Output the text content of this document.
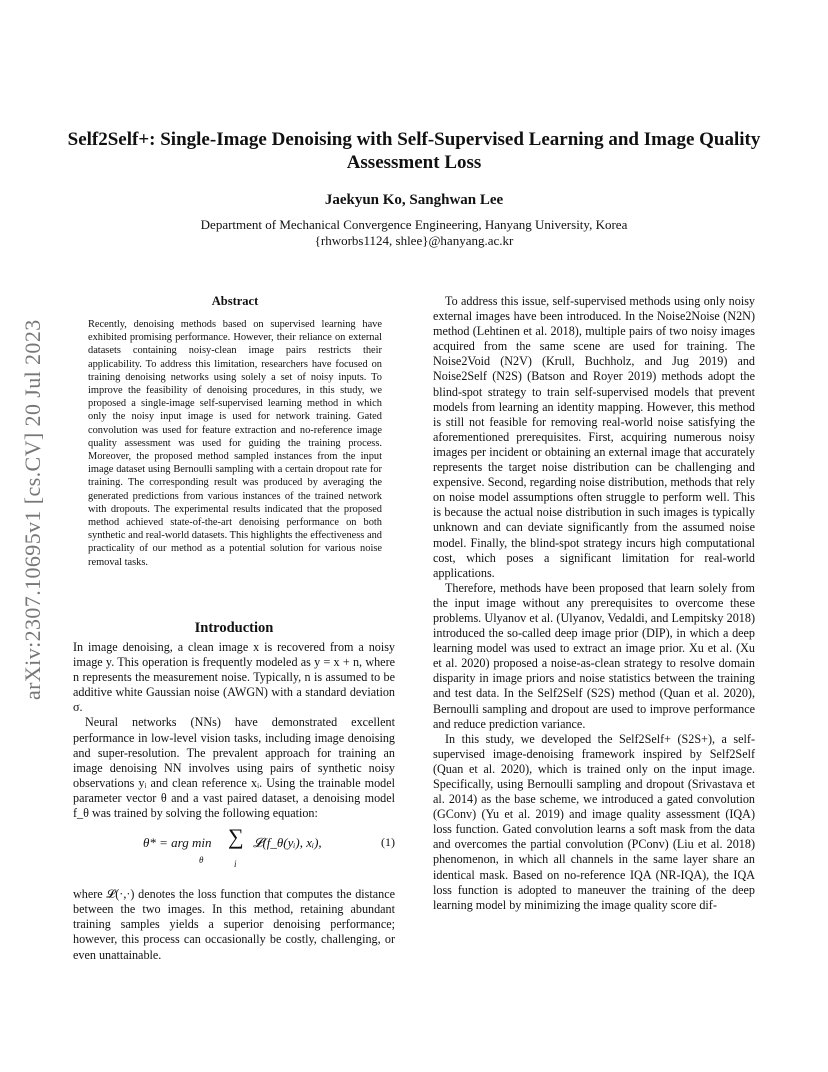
arXiv:2307.10695v1 [cs.CV] 20 Jul 2023
Self2Self+: Single-Image Denoising with Self-Supervised Learning and Image Quality Assessment Loss
Jaekyun Ko, Sanghwan Lee
Department of Mechanical Convergence Engineering, Hanyang University, Korea
{rhworbs1124, shlee}@hanyang.ac.kr
Abstract

Recently, denoising methods based on supervised learning have exhibited promising performance. However, their reliance on external datasets containing noisy-clean image pairs restricts their applicability. To address this limitation, researchers have focused on training denoising networks using solely a set of noisy inputs. To improve the feasibility of denoising procedures, in this study, we proposed a single-image self-supervised learning method in which only the noisy input image is used for network training. Gated convolution was used for feature extraction and no-reference image quality assessment was used for guiding the training process. Moreover, the proposed method sampled instances from the input image dataset using Bernoulli sampling with a certain dropout rate for training. The corresponding result was produced by averaging the generated predictions from various instances of the trained network with dropouts. The experimental results indicated that the proposed method achieved state-of-the-art denoising performance on both synthetic and real-world datasets. This highlights the effectiveness and practicality of our method as a potential solution for various noise removal tasks.

Introduction

In image denoising, a clean image x is recovered from a noisy image y. This operation is frequently modeled as y = x + n, where n represents the measurement noise. Typically, n is assumed to be additive white Gaussian noise (AWGN) with a standard deviation σ.

Neural networks (NNs) have demonstrated excellent performance in low-level vision tasks, including image denoising and super-resolution. The prevalent approach for training an image denoising NN involves using pairs of synthetic noisy observations yᵢ and clean reference xᵢ. Using the trainable model parameter vector θ and a vast paired dataset, a denoising model f_θ was trained by solving the following equation:

θ* = arg min
θ
∑
i
𝓛(f_θ(yᵢ), xᵢ),	(1)

where 𝓛(·,·) denotes the loss function that computes the distance between the two images. In this method, retaining abundant training samples yields a superior denoising performance; however, this process can occasionally be costly, challenging, or even unattainable.

To address this issue, self-supervised methods using only noisy external images have been introduced. In the Noise2Noise (N2N) method (Lehtinen et al. 2018), multiple pairs of two noisy images acquired from the same scene are used for training. The Noise2Void (N2V) (Krull, Buchholz, and Jug 2019) and Noise2Self (N2S) (Batson and Royer 2019) methods adopt the blind-spot strategy to train self-supervised models that prevent models from learning an identity mapping. However, this method is still not feasible for removing real-world noise satisfying the aforementioned prerequisites. First, acquiring numerous noisy images per incident or obtaining an external image that accurately represents the target noise distribution can be challenging and expensive. Second, regarding noise distribution, methods that rely on noise model assumptions often struggle to perform well. This is because the actual noise distribution in such images is typically unknown and can deviate significantly from the assumed noise model. Finally, the blind-spot strategy incurs high computational cost, which poses a significant limitation for real-world applications.

Therefore, methods have been proposed that learn solely from the input image without any prerequisites to overcome these problems. Ulyanov et al. (Ulyanov, Vedaldi, and Lempitsky 2018) introduced the so-called deep image prior (DIP), in which a deep learning model was used to extract an image prior. Xu et al. (Xu et al. 2020) proposed a noise-as-clean strategy to resolve domain disparity in image priors and noise statistics between the training and test data. In the Self2Self (S2S) method (Quan et al. 2020), Bernoulli sampling and dropout are used to improve performance and reduce prediction variance.

In this study, we developed the Self2Self+ (S2S+), a self-supervised image-denoising framework inspired by Self2Self (Quan et al. 2020), which is trained only on the input image. Specifically, using Bernoulli sampling and dropout (Srivastava et al. 2014) as the base scheme, we introduced a gated convolution (GConv) (Yu et al. 2019) and image quality assessment (IQA) loss function. Gated convolution learns a soft mask from the data and overcomes the partial convolution (PConv) (Liu et al. 2018) phenomenon, in which all channels in the same layer share an identical mask. Based on no-reference IQA (NR-IQA), the IQA loss function is adopted to maneuver the training of the deep learning model by minimizing the image quality score dif-
